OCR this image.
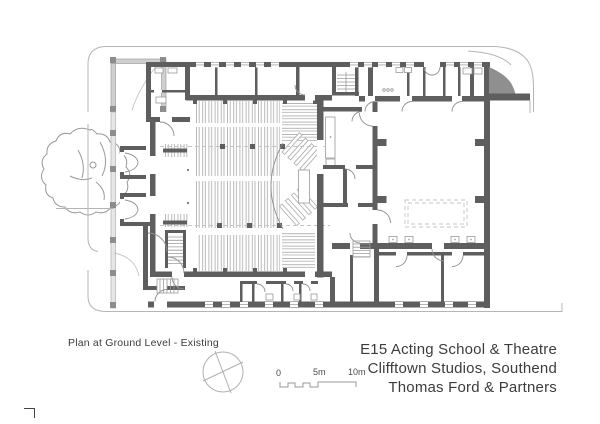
Plan at Ground Level - Existing	E15 Acting School & Theatre
Clifftown Studios, Southend
Thomas Ford & Partners
0	5m 10m
